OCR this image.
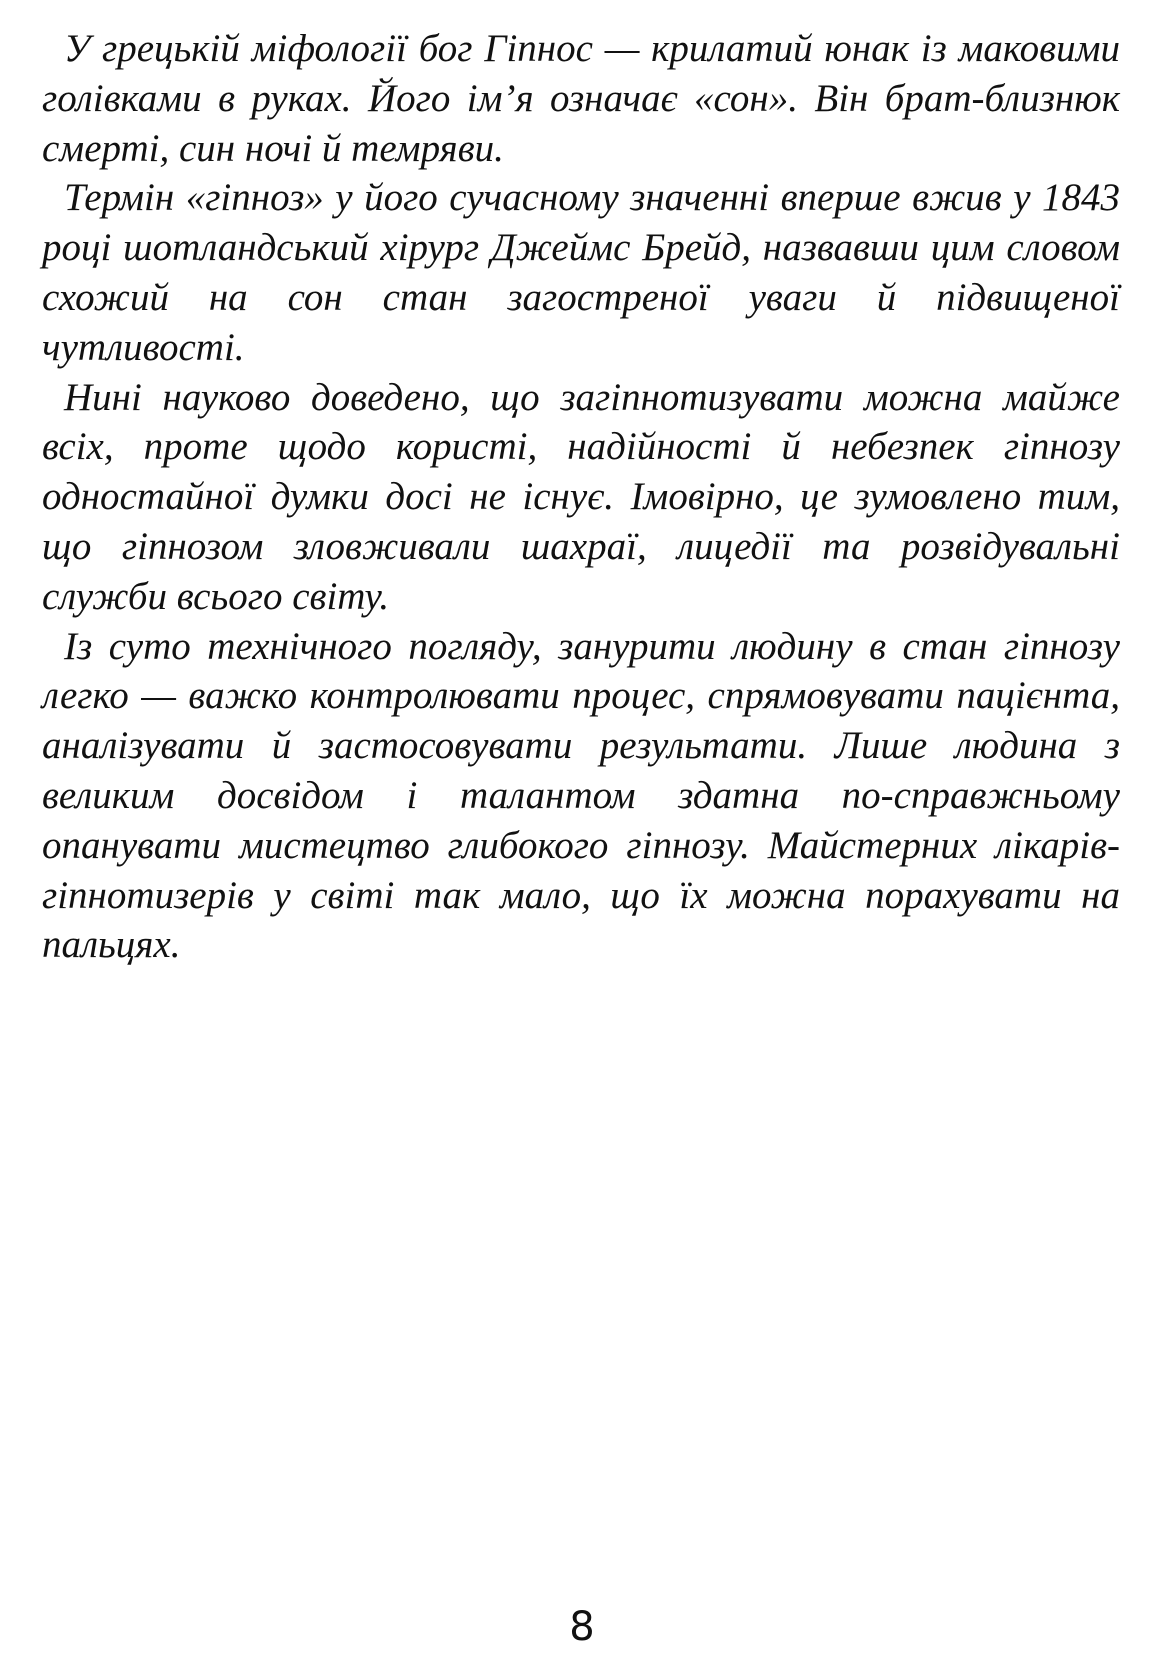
У грецькій міфології бог Гіпнос — крилатий юнак із маковими голівками в руках. Його ім’я означає «сон». Він брат-близнюк смерті, син ночі й темряви.

Термін «гіпноз» у його сучасному значенні вперше вжив у 1843 році шотландський хірург Джеймс Брейд, назвавши цим словом схожий на сон стан загостреної уваги й підвищеної чутливості.

Нині науково доведено, що загіпнотизувати можна майже всіх, проте щодо користі, надійності й небезпек гіпнозу одностайної думки досі не існує. Імовірно, це зумовлено тим, що гіпнозом зловживали шахраї, лицедії та розвідувальні служби всього світу.

Із суто технічного погляду, занурити людину в стан гіпнозу легко — важко контролювати процес, спрямовувати пацієнта, аналізувати й застосовувати результати. Лише людина з великим досвідом і талантом здатна по-справжньому опанувати мистецтво глибокого гіпнозу. Майстерних лікарів-гіпнотизерів у світі так мало, що їх можна порахувати на пальцях.

8
